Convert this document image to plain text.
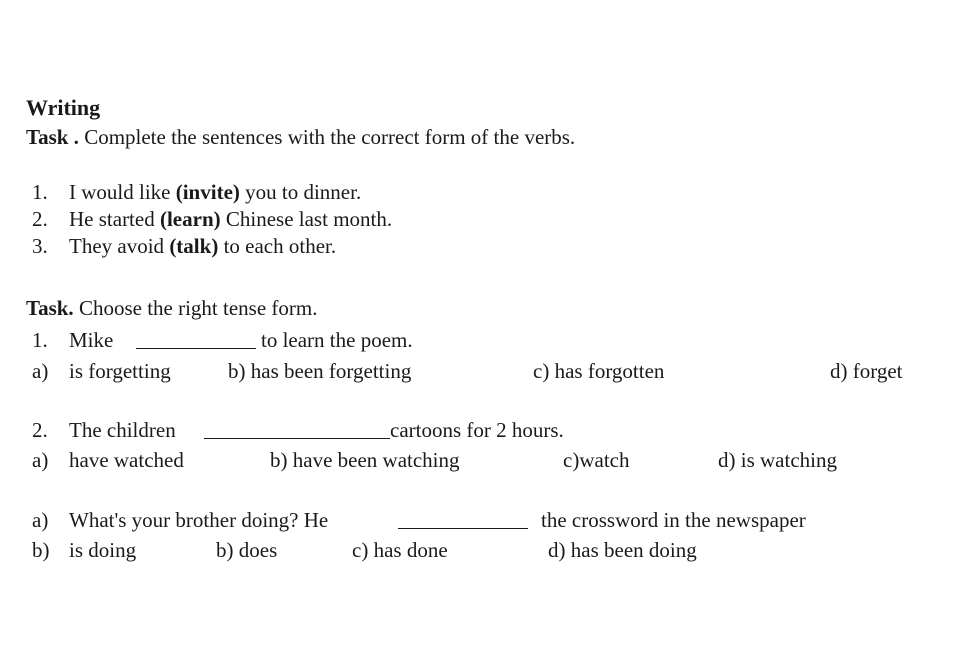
Writing
Task . Complete the sentences with the correct form of the verbs.
1. I would like (invite) you to dinner.
2. He started (learn) Chinese last month.
3. They avoid (talk) to each other.
Task. Choose the right tense form.
1. Mike	to learn the poem.
a) is forgetting	b) has been forgetting	c) has forgotten	d) forget
2. The children	cartoons for 2 hours.
a) have watched	b) have been watching	c)watch	d) is watching
a) What's your brother doing? He	the crossword in the newspaper
b) is doing	b) does	c) has done	d) has been doing
